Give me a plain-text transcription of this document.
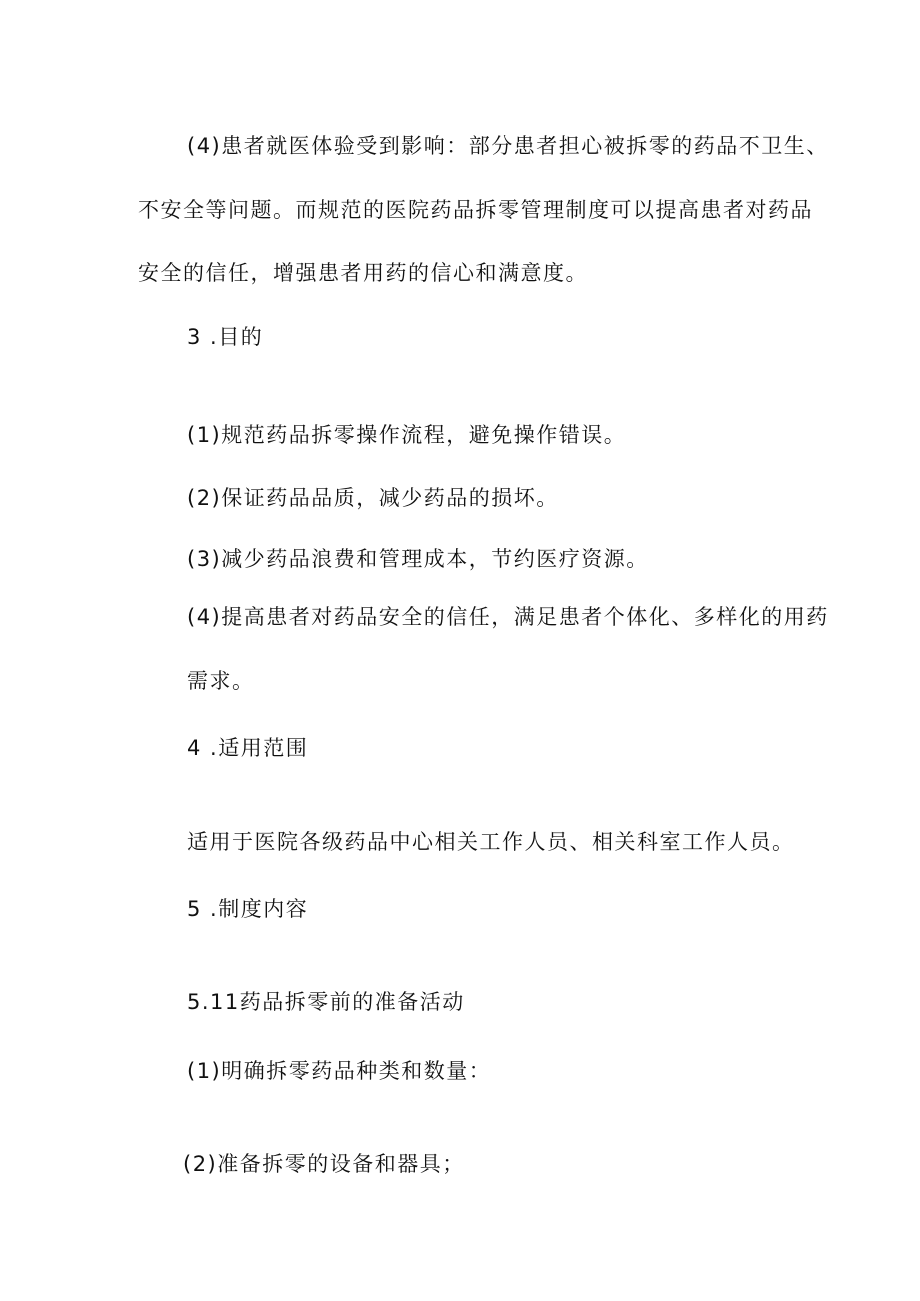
(4)患者就医体验受到影响：部分患者担心被拆零的药品不卫生、
不安全等问题。而规范的医院药品拆零管理制度可以提高患者对药品
安全的信任，增强患者用药的信心和满意度。
3 .目的
(1)规范药品拆零操作流程，避免操作错误。
(2)保证药品品质，减少药品的损坏。
(3)减少药品浪费和管理成本，节约医疗资源。
(4)提高患者对药品安全的信任，满足患者个体化、多样化的用药
需求。
4 .适用范围
适用于医院各级药品中心相关工作人员、相关科室工作人员。
5 .制度内容
5.11药品拆零前的准备活动
(1)明确拆零药品种类和数量：
(2)准备拆零的设备和器具；
